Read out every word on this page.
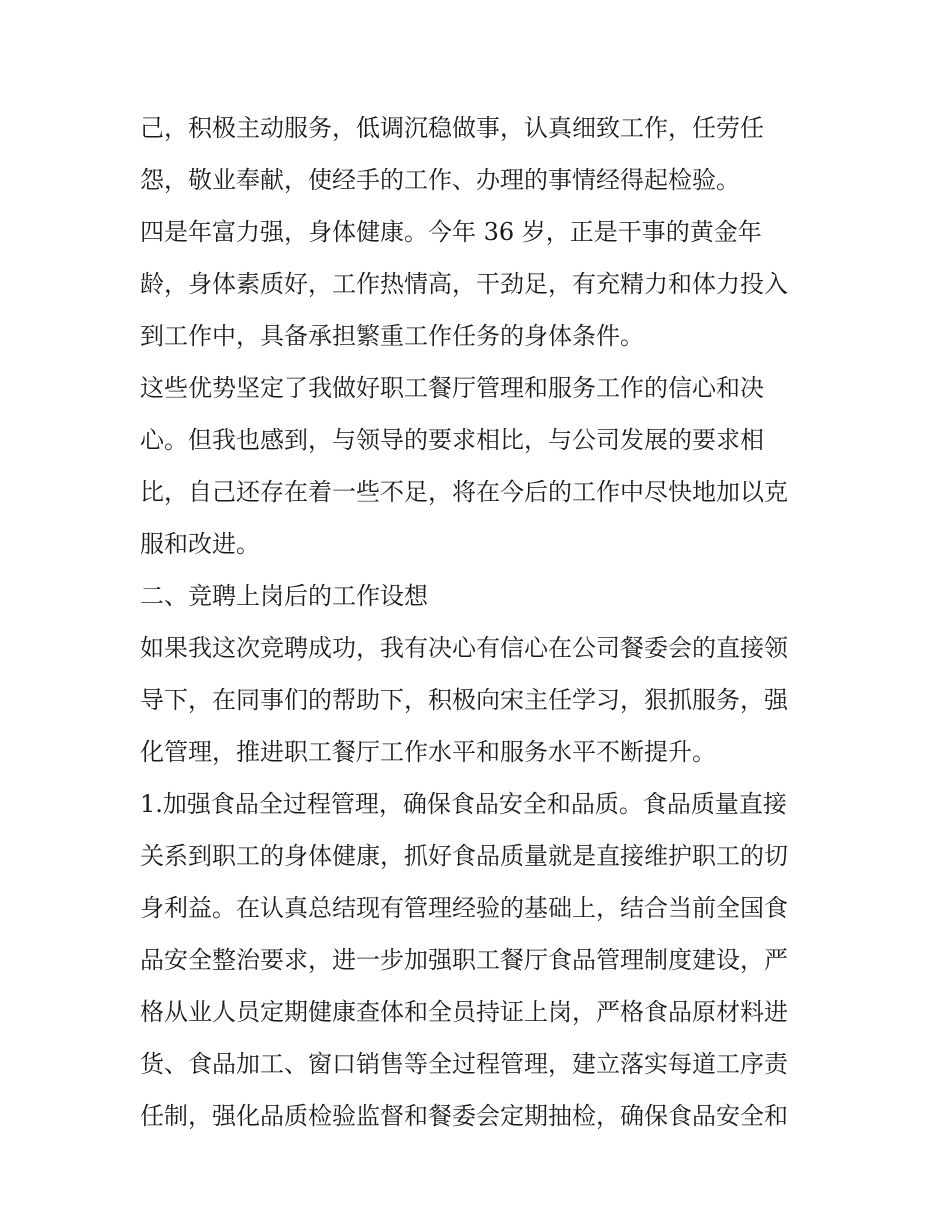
己，积极主动服务，低调沉稳做事，认真细致工作，任劳任
怨，敬业奉献，使经手的工作、办理的事情经得起检验。
四是年富力强，身体健康。今年 36 岁，正是干事的黄金年
龄，身体素质好，工作热情高，干劲足，有充精力和体力投入
到工作中，具备承担繁重工作任务的身体条件。
这些优势坚定了我做好职工餐厅管理和服务工作的信心和决
心。但我也感到，与领导的要求相比，与公司发展的要求相
比，自己还存在着一些不足，将在今后的工作中尽快地加以克
服和改进。
二、竞聘上岗后的工作设想
如果我这次竞聘成功，我有决心有信心在公司餐委会的直接领
导下，在同事们的帮助下，积极向宋主任学习，狠抓服务，强
化管理，推进职工餐厅工作水平和服务水平不断提升。
1.加强食品全过程管理，确保食品安全和品质。食品质量直接
关系到职工的身体健康，抓好食品质量就是直接维护职工的切
身利益。在认真总结现有管理经验的基础上，结合当前全国食
品安全整治要求，进一步加强职工餐厅食品管理制度建设，严
格从业人员定期健康查体和全员持证上岗，严格食品原材料进
货、食品加工、窗口销售等全过程管理，建立落实每道工序责
任制，强化品质检验监督和餐委会定期抽检，确保食品安全和
